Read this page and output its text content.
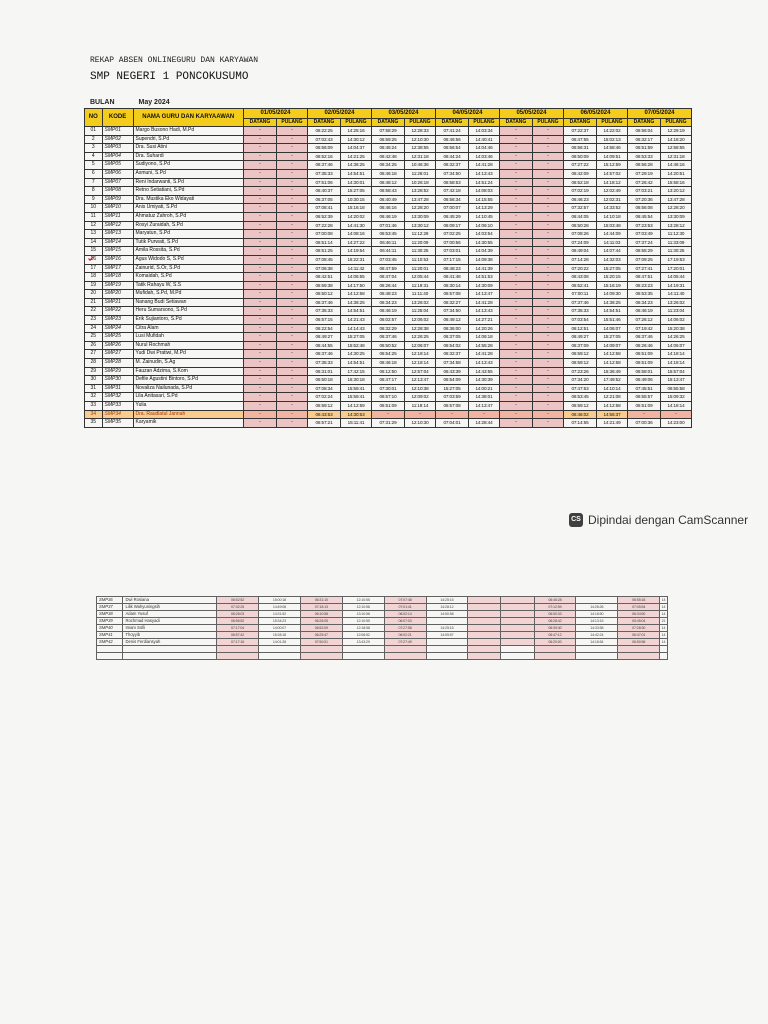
REKAP ABSEN ONLINEGURU DAN KARYAWAN
SMP NEGERI 1 PONCOKUSUMO
BULAN	May 2024
NO	KODE	NAMA GURU DAN KARYAAWAN	01/05/2024		02/05/2024		03/05/2024		04/05/2024		05/05/2024		06/05/2024		07/05/2024	
			DATANG	PULANG	DATANG	PULANG	DATANG	PULANG	DATANG	PULANG	DATANG	PULANG	DATANG	PULANG	DATANG	PULANG
01	SMP01	Margo Busono Hadi, M.Pd	-	-	06:22:25	14:25:16	07:58:29	12:28:33	07:41:24	14:03:34	-	-	07:22:37	14:22:02	06:56:04	12:29:19
2	SMP02	Supendri, S.Pd	-	-	07:02:43	14:30:12	06:59:25	12:10:30	06:46:56	14:40:41	-	-	06:47:55	15:02:13	06:32:17	14:18:20
3	SMP03	Dra. Susi Atini	-	-	06:56:09	14:04:37	06:45:24	12:38:55	06:56:54	14:04:46	-	-	06:56:31	14:58:46	06:51:59	12:58:55
4	SMP04	Dra. Suhardi	-	-	06:52:16	14:21:25	06:42:48	12:31:18	06:44:24	14:03:46	-	-	06:50:09	14:09:51	06:53:33	12:31:18
5	SMP05	Sudiyono, S.Pd	-	-	06:37:46	14:36:25	06:34:25	10:46:36	06:32:37	14:41:28	-	-	07:27:22	15:12:59	06:56:28	14:46:16
6	SMP06	Asmuni, S.Pd	-	-	07:35:33	14:54:51	06:46:18	11:26:01	07:34:50	14:13:43	-	-	06:42:09	14:57:02	07:29:19	14:20:51
7	SMP07	Reni Indarwanti, S.Pd	-	-	07:51:06	14:30:01	06:48:12	10:26:18	06:58:53	14:51:24	-	-	06:52:18	14:18:12	07:26:42	15:58:16
8	SMP08	Retno Setiatiani, S.Pd	-	-	06:40:37	15:27:05	06:58:43	13:28:52	07:42:18	14:08:03	-	-	07:02:19	12:02:49	07:03:21	13:20:12
9	SMP09	Dra. Mustika Eko Widayati	-	-	06:37:05	10:30:15	06:40:49	13:47:28	06:56:34	14:15:55	-	-	06:46:23	12:02:31	07:20:36	13:47:28
10	SMP10	Anis Umiyati, S.Pd	-	-	07:08:41	15:16:18	06:46:16	12:28:20	07:00:07	14:13:29	-	-	07:32:57	14:33:52	06:56:08	12:28:20
11	SMP11	Ahmatuz Zahroh, S.Pd	-	-	06:52:39	14:20:02	06:46:19	13:30:09	06:45:29	14:10:45	-	-	06:44:05	14:10:18	06:45:54	13:30:09
12	SMP12	Rosyi Zuraidah, S.Pd	-	-	07:22:28	14:41:30	07:01:46	13:30:12	06:09:17	14:06:10	-	-	06:50:28	15:03:48	07:23:53	13:28:12
13	SMP13	Maryatun, S.Pd	-	-	07:00:08	14:08:16	06:53:45	11:12:28	07:02:25	14:03:54	-	-	07:08:26	14:44:09	07:03:49	11:12:30
14	SMP14	Tutik Purwati, S.Pd	-	-	06:51:14	14:27:22	06:46:11	11:20:09	07:00:56	14:30:55	-	-	07:24:09	14:11:03	07:37:24	11:33:09
15	SMP15	Amila Rossita, S.Pd	-	-	06:51:25	14:19:54	06:44:11	11:30:25	07:03:01	14:04:39	-	-	06:49:04	14:07:44	06:55:29	11:30:25
16	SMP16	Agus Widodo S, S.Pd	-	-	07:08:45	16:22:31	07:03:45	11:10:53	07:17:15	14:09:38	-	-	07:14:28	14:32:03	07:09:25	17:19:53
17	SMP17	Zainurid, S.Or, S.Pd	-	-	07:06:38	14:11:42	06:47:59	11:20:01	06:48:23	14:41:39	-	-	07:20:22	15:27:05	07:27:41	17:20:01
18	SMP18	Komaidah, S.Pd	-	-	06:42:51	14:06:55	06:47:04	12:05:44	06:41:48	14:51:53	-	-	06:43:08	15:20:15	06:47:51	14:05:44
19	SMP19	Tatik Rahayu W, S.S	-	-	06:59:38	14:17:50	06:26:44	11:19:31	06:30:14	14:30:09	-	-	06:52:41	15:16:19	06:23:23	14:19:31
20	SMP20	Mufidah, S.Pd, M.Pd	-	-	06:50:12	14:12:58	06:48:23	11:11:40	06:57:08	14:13:47	-	-	07:00:11	14:09:30	06:53:35	14:11:40
21	SMP21	Nanang Budi Setiawan	-	-	06:37:46	14:36:25	06:34:23	13:26:02	06:32:27	14:41:28	-	-	07:37:46	14:36:25	06:34:23	13:26:02
22	SMP22	Heru Sumarsono, S.Pd	-	-	07:35:33	14:54:51	06:46:19	11:25:04	07:34:50	14:13:43	-	-	07:35:33	14:54:51	06:46:19	11:23:04
23	SMP23	Erik Sujiantoro, S.Pd	-	-	06:57:15	14:21:43	06:02:57	12:06:02	06:49:12	14:27:21	-	-	07:03:54	15:51:46	07:26:12	14:06:02
24	SMP24	Citra Alam	-	-	06:22:54	14:14:43	06:32:29	12:28:38	06:36:00	14:20:26	-	-	06:12:51	14:06:07	07:19:42	15:20:38
25	SMP25	Lusi Mufidah	-	-	06:49:27	15:27:05	06:37:46	12:26:25	06:37:05	14:06:18	-	-	06:49:27	15:27:05	06:37:46	14:26:25
26	SMP26	Nurul Rochmah	-	-	06:44:55	15:52:48	06:50:52	12:06:07	06:54:02	14:55:28	-	-	06:37:09	14:09:07	06:26:46	14:06:07
27	SMP27	Yudi Dwi Pratiwi, M.Pd	-	-	06:37:46	14:30:25	06:54:25	12:18:14	06:32:37	14:41:28	-	-	06:59:12	14:12:58	06:51:09	14:18:14
28	SMP28	M. Zainudin, S.Ag	-	-	07:35:33	14:54:51	06:46:18	12:18:14	07:34:58	14:13:43	-	-	06:59:12	14:12:58	06:51:09	14:18:14
29	SMP29	Fauzan Adzima, S.Kom	-	-	06:31:01	17:42:15	06:12:50	12:57:04	06:43:39	14:43:55	-	-	07:23:26	15:36:49	06:58:01	15:57:04
30	SMP30	Defile Agustini Bintoro, S.Pd	-	-	06:50:18	16:30:18	06:47:17	12:13:47	06:54:09	14:30:39	-	-	07:34:20	17:49:52	06:49:06	15:13:47
31	SMP31	Novaliza Nailunada, S.Pd	-	-	07:08:34	15:59:41	07:30:01	12:10:38	15:27:05	14:00:21	-	-	07:47:53	14:10:14	07:45:51	06:55:58
32	SMP32	Lila Anitasari, S.Pd	-	-	07:02:24	15:59:41	06:57:10	12:09:02	07:03:59	14:38:01	-	-	06:53:45	12:21:08	06:55:57	15:09:32
33	SMP33	Yulia	-	-	06:59:12	14:12:59	06:51:09	11:18:14	06:57:08	14:13:47	-	-	06:59:12	14:12:58	06:51:09	14:18:14
34	SMP34	Dra. Raudlatul Jannah	-	-	06:43:53	14:30:53	-	-	-	-	-	-	06:46:02	14:56:37	-	-
35	SMP35	Karyamik	-	-	06:57:21	15:11:41	07:31:29	12:10:30	07:04:01	14:28:44	-	-	07:14:55	14:21:49	07:00:36	14:23:00
CS Dipindai dengan CamScanner
SMP36	Dwi Rosiana	06:52:52	15:00:18	06:31:10	12:10:55	07:07:48	14:25:15			06:45:28		06:55:18	14
SMP37	Lilik Wahyuningsih	07:32:25	14:49:08	07:18:13	12:10:58	07:01:41	14:28:12			07:12:59	14:26:26	07:05:54	14
SMP38	Adam Yusuf	06:28:03	14:31:52	06:10:58	13:10:58	06:02:14	14:50:58			06:50:33	14:18:50	06:34:50	14
SMP39	Rochmad Hasyadi	06:55:52	15:34:23	06:26:05	12:10:55	06:07:03				06:28:42	14:13:15	05:45:04	21
SMP40	Imam Sofii	07:17:04	14:00:07	06:52:09	12:18:58	07:27:58	14:25:15			06:39:40	14:33:58	07:28:30	14
SMP41	Thoyyib	06:57:42	15:28:18	06:25:47	12:08:52	06:02:21	14:05:57			06:47:12	14:42:24	06:47:01	14
SMP42	Denis Ferdiansyah	07:17:16	14:01:28	07:50:01	13:43:29	07:27:49				06:20:00	14:16:54	06:50:56	14
